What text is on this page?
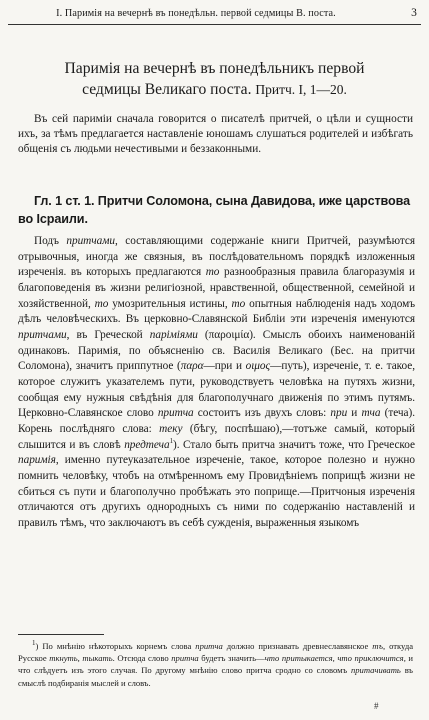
I. Паримія на вечернѣ въ понедѣльн. первой седмицы В. поста.	3
Паримія на вечернѣ въ понедѣльникъ первой
седмицы Великаго поста. Притч. I, 1—20.

Въ сей паримiи сначала говорится о писателѣ притчей, о цѣли и сущности ихъ, за тѣмъ предлагается наставленіе юношамъ слушаться родителей и избѣгать общенія съ людьми нечестивыми и беззаконными.

Гл. 1 ст. 1. Притчи Соломона, сына Давидова, иже царствова во Ісраили.

Подъ притчами, составляющими содержаніе книги Притчей, разумѣются отрывочныя, иногда же связныя, въ послѣдовательномъ порядкѣ изложенныя изреченія. въ которыхъ предлагаются то разнообразныя правила благоразумія и благоповеденія въ жизни религіозной, нравственной, общественной, семейной и хозяйственной, то умозрительныя истины, то опытныя наблюденія надъ ходомъ дѣлъ человѣческихъ. Въ церковно-Славянской Библіи эти изреченія именуются притчами, въ Греческой паріміями (παροιμία). Смыслъ обоихъ наименованій одинаковъ. Паримія, по объясненію св. Василія Великаго (Бес. на притчи Соломона), значитъ приппутное (παρα—при и οιμος—путь), изреченіе, т. е. такое, которое служитъ указателемъ пути, руководствуетъ человѣка на путяхъ жизни, сообщая ему нужныя свѣдѣнія для благополучнаго движенія по этимъ путямъ. Церковно-Славянское слово притча состоитъ изъ двухъ словъ: при и тча (теча). Корень послѣдняго слова: теку (бѣгу, поспѣшаю),—тотъже самый, который слышится и въ словѣ предтеча$^1$). Стало быть притча значитъ тоже, что Греческое паримія, именно путеуказательное изреченіе, такое, которое полезно и нужно помнить человѣку, чтобъ на отмѣренномъ ему Провидѣніемъ поприщѣ жизни не сбиться съ пути и благополучно пробѣжать это поприще.—Притчоныя изреченія отличаются отъ другихъ однородныхъ съ ними по содержанію наставленій и правилъ тѣмъ, что заключаютъ въ себѣ сужденія, выраженныя языкомъ

$^1$) По мнѣнію нѣкоторыхъ корнемъ слова притча должно признавать древнеславянское тъ, откуда Русское ткнуть, тыкать. Отсюда слово притча будетъ значить—что притыкается, что приключится, и что слѣдуетъ изъ этого случая. По другому мнѣнію слово притча сродно со словомъ притачивать въ смыслѣ подбиранія мыслей и словъ.

#
